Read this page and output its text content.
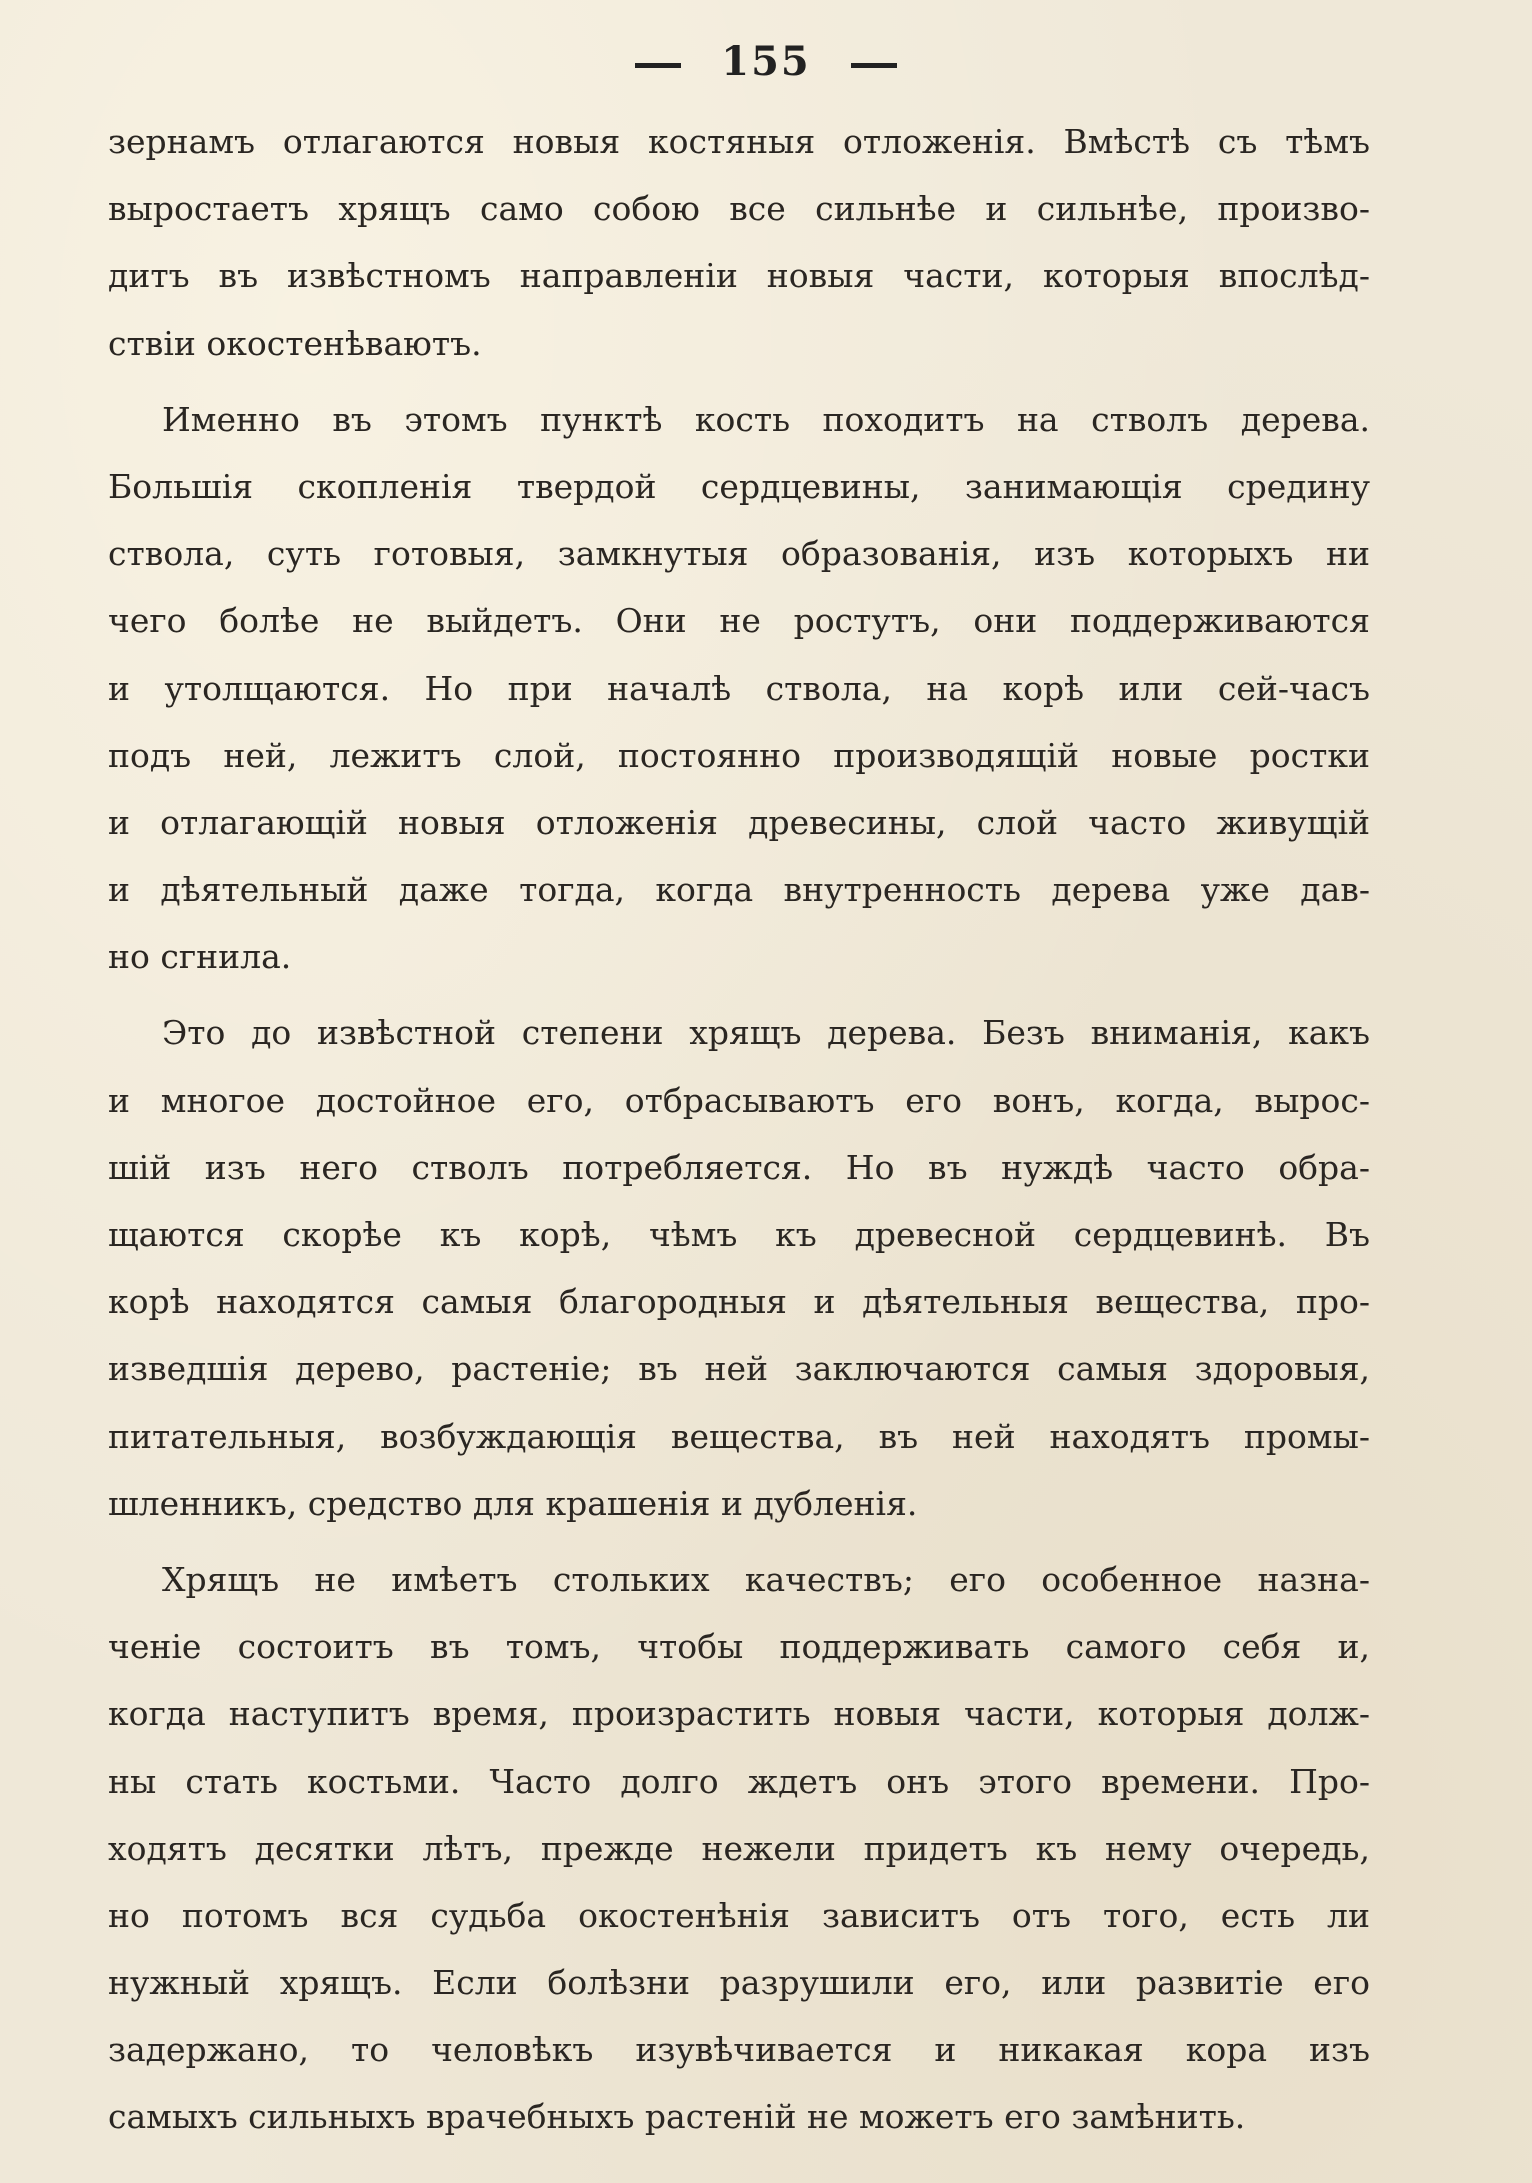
155
зернамъ отлагаются новыя костяныя отложенія. Вмѣстѣ съ тѣмъ
выростаетъ хрящъ само собою все сильнѣе и сильнѣе, произво-
дитъ въ извѣстномъ направленіи новыя части, которыя впослѣд-
ствіи окостенѣваютъ.
Именно въ этомъ пунктѣ кость походитъ на стволъ дерева.
Большія скопленія твердой сердцевины, занимающія средину
ствола, суть готовыя, замкнутыя образованія, изъ которыхъ ни
чего болѣе не выйдетъ. Они не ростутъ, они поддерживаются
и утолщаются. Но при началѣ ствола, на корѣ или сей-часъ
подъ ней, лежитъ слой, постоянно производящій новые ростки
и отлагающій новыя отложенія древесины, слой часто живущій
и дѣятельный даже тогда, когда внутренность дерева уже дав-
но сгнила.
Это до извѣстной степени хрящъ дерева. Безъ вниманія, какъ
и многое достойное его, отбрасываютъ его вонъ, когда, вырос-
шій изъ него стволъ потребляется. Но въ нуждѣ часто обра-
щаются скорѣе къ корѣ, чѣмъ къ древесной сердцевинѣ. Въ
корѣ находятся самыя благородныя и дѣятельныя вещества, про-
изведшія дерево, растеніе; въ ней заключаются самыя здоровыя,
питательныя, возбуждающія вещества, въ ней находятъ промы-
шленникъ, средство для крашенія и дубленія.
Хрящъ не имѣетъ стольких качествъ; его особенное назна-
ченіе состоитъ въ томъ, чтобы поддерживать самого себя и,
когда наступитъ время, произрастить новыя части, которыя долж-
ны стать костьми. Часто долго ждетъ онъ этого времени. Про-
ходятъ десятки лѣтъ, прежде нежели придетъ къ нему очередь,
но потомъ вся судьба окостенѣнія зависитъ отъ того, есть ли
нужный хрящъ. Если болѣзни разрушили его, или развитіе его
задержано, то человѣкъ изувѣчивается и никакая кора изъ
самыхъ сильныхъ врачебныхъ растеній не можетъ его замѣнить.
